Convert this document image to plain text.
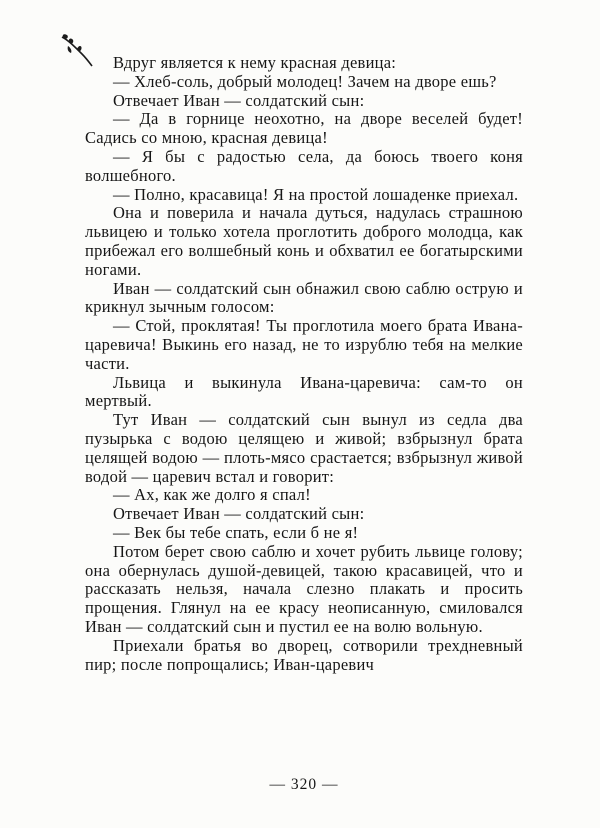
Вдруг является к нему красная девица:

— Хлеб-соль, добрый молодец! Зачем на дворе ешь?

Отвечает Иван — солдатский сын:

— Да в горнице неохотно, на дворе веселей будет! Садись со мною, красная девица!

— Я бы с радостью села, да боюсь твоего коня волшебного.

— Полно, красавица! Я на простой лошаденке приехал.

Она и поверила и начала дуться, надулась страшною львицею и только хотела проглотить доброго молодца, как прибежал его волшебный конь и обхватил ее богатырскими ногами.

Иван — солдатский сын обнажил свою саблю острую и крикнул зычным голосом:

— Стой, проклятая! Ты проглотила моего брата Ивана-царевича! Выкинь его назад, не то изрублю тебя на мелкие части.

Львица и выкинула Ивана-царевича: сам-то он мертвый.

Тут Иван — солдатский сын вынул из седла два пузырька с водою целящею и живой; взбрызнул брата целящей водою — плоть-мясо срастается; взбрызнул живой водой — царевич встал и говорит:

— Ах, как же долго я спал!

Отвечает Иван — солдатский сын:

— Век бы тебе спать, если б не я!

Потом берет свою саблю и хочет рубить львице голову; она обернулась душой-девицей, такою красавицей, что и рассказать нельзя, начала слезно плакать и просить прощения. Глянул на ее красу неописанную, смиловался Иван — солдатский сын и пустил ее на волю вольную.

Приехали братья во дворец, сотворили трехдневный пир; после попрощались; Иван-царевич

— 320 —
